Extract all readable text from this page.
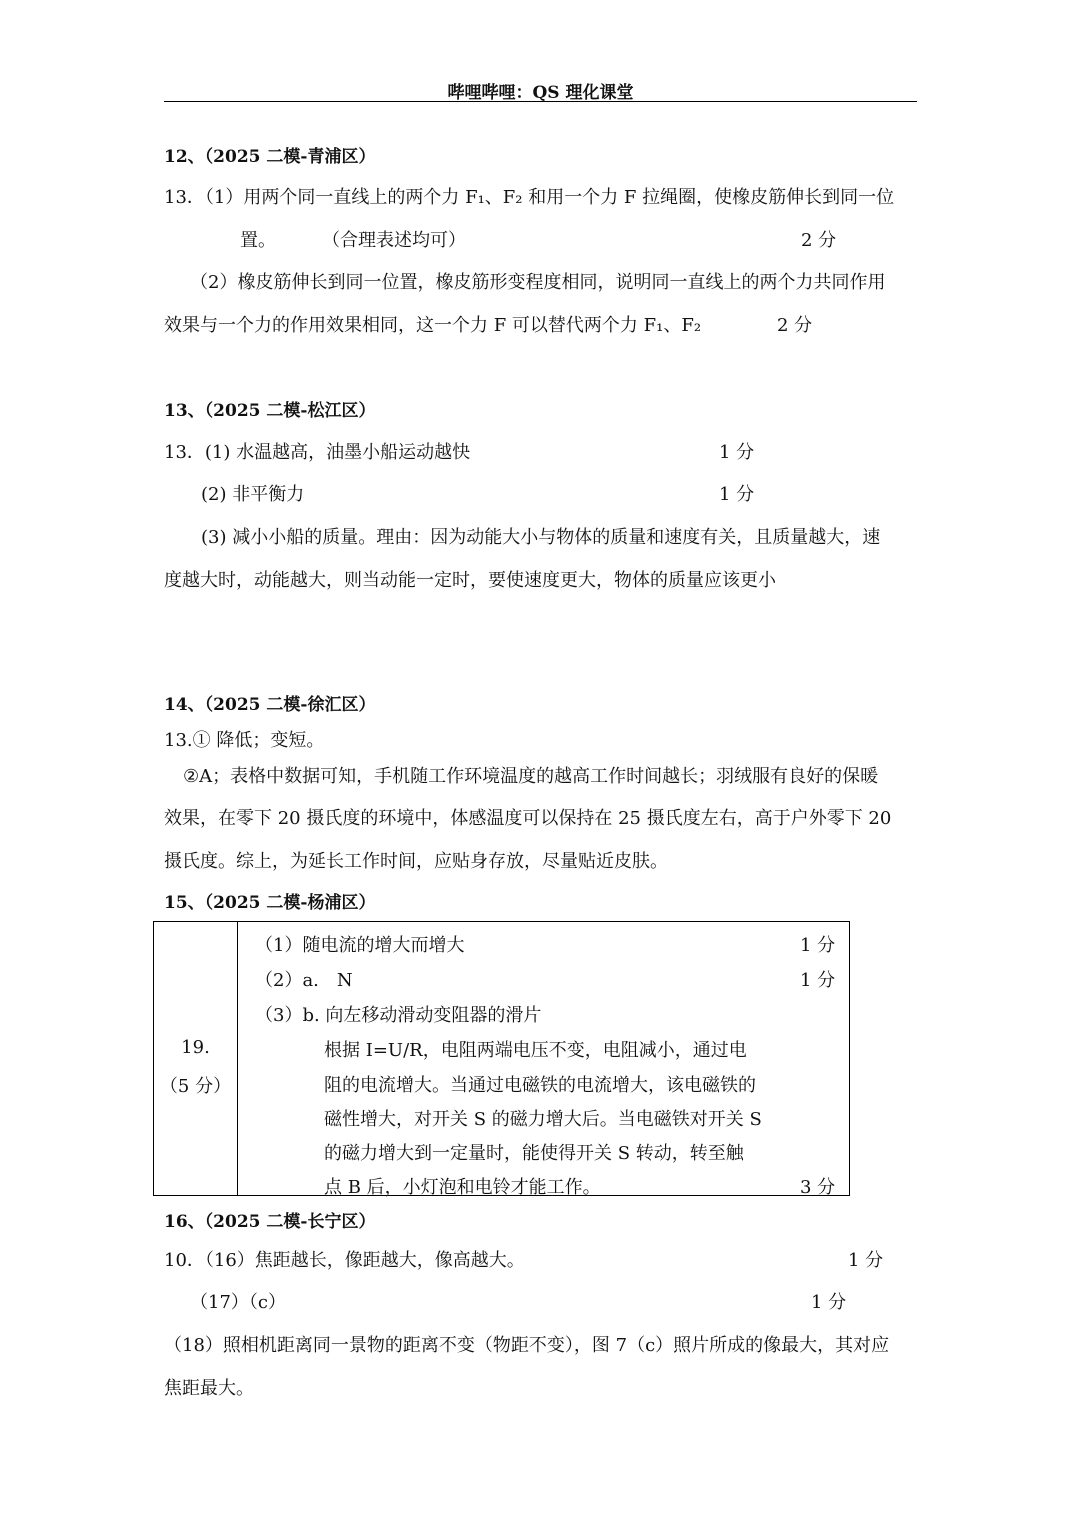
哔哩哔哩：QS 理化课堂
12、（2025 二模-青浦区）
13．（1）用两个同一直线上的两个力 F₁、F₂ 和用一个力 F 拉绳圈，使橡皮筋伸长到同一位
置。	（合理表述均可）	2 分
（2）橡皮筋伸长到同一位置，橡皮筋形变程度相同，说明同一直线上的两个力共同作用
效果与一个力的作用效果相同，这一个力 F 可以替代两个力 F₁、F₂	2 分
13、（2025 二模-松江区）
13．(1) 水温越高，油墨小船运动越快	1 分
(2) 非平衡力	1 分
(3) 减小小船的质量。理由：因为动能大小与物体的质量和速度有关，且质量越大，速
度越大时，动能越大，则当动能一定时，要使速度更大，物体的质量应该更小
14、（2025 二模-徐汇区）
13.① 降低；变短。
②A；表格中数据可知，手机随工作环境温度的越高工作时间越长；羽绒服有良好的保暖
效果，在零下 20 摄氏度的环境中，体感温度可以保持在 25 摄氏度左右，高于户外零下 20
摄氏度。综上，为延长工作时间，应贴身存放，尽量贴近皮肤。
15、（2025 二模-杨浦区）
19.
（5 分）
（1）随电流的增大而增大	1 分
（2）a.　N	1 分
（3）b. 向左移动滑动变阻器的滑片
根据 I=U/R，电阻两端电压不变，电阻减小，通过电
阻的电流增大。当通过电磁铁的电流增大，该电磁铁的
磁性增大，对开关 S 的磁力增大后。当电磁铁对开关 S
的磁力增大到一定量时，能使得开关 S 转动，转至触
点 B 后，小灯泡和电铃才能工作。	3 分
16、（2025 二模-长宁区）
10．（16）焦距越长，像距越大，像高越大。	1 分
（17）（c）	1 分
（18）照相机距离同一景物的距离不变（物距不变），图 7（c）照片所成的像最大，其对应
焦距最大。
